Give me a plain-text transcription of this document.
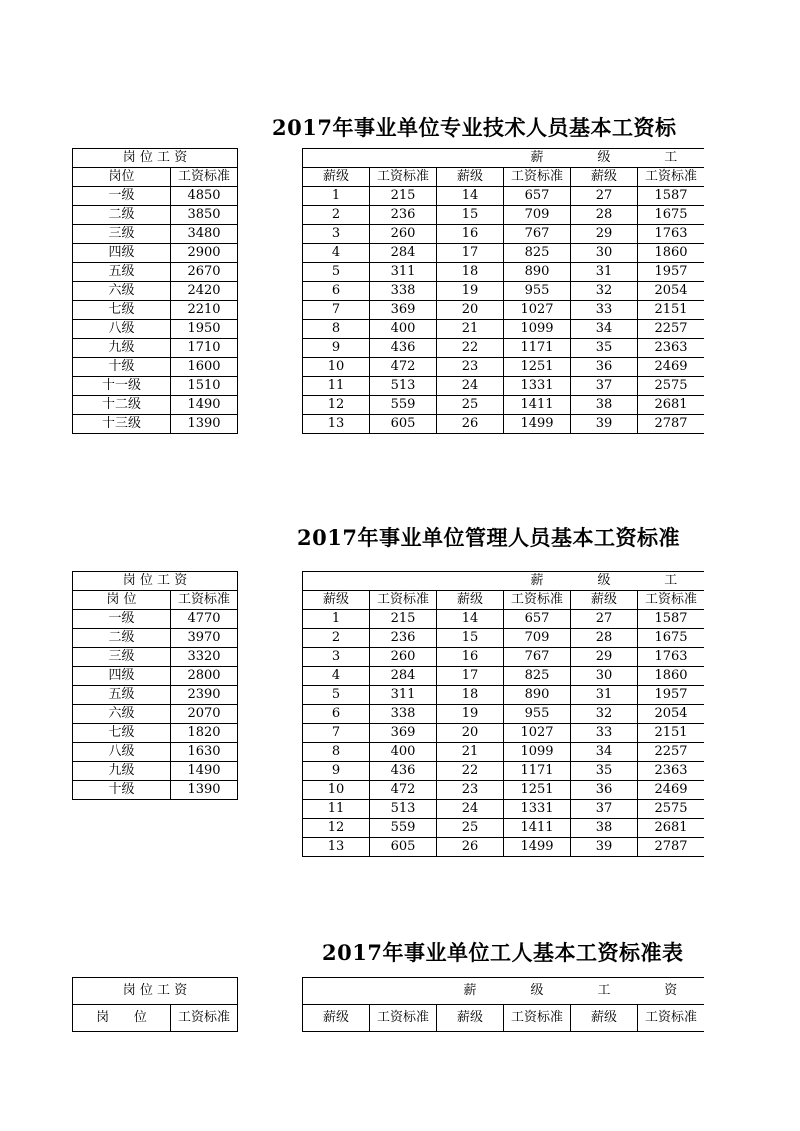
2017年事业单位专业技术人员基本工资标
岗 位 工 资	
岗位	工资标准
一级	4850
二级	3850
三级	3480
四级	2900
五级	2670
六级	2420
七级	2210
八级	1950
九级	1710
十级	1600
十一级	1510
十二级	1490
十三级	1390
			薪	级	工
薪级	工资标准	薪级	工资标准	薪级	工资标准
1	215	14	657	27	1587
2	236	15	709	28	1675
3	260	16	767	29	1763
4	284	17	825	30	1860
5	311	18	890	31	1957
6	338	19	955	32	2054
7	369	20	1027	33	2151
8	400	21	1099	34	2257
9	436	22	1171	35	2363
10	472	23	1251	36	2469
11	513	24	1331	37	2575
12	559	25	1411	38	2681
13	605	26	1499	39	2787
2017年事业单位管理人员基本工资标准
岗 位 工 资	
岗 位	工资标准
一级	4770
二级	3970
三级	3320
四级	2800
五级	2390
六级	2070
七级	1820
八级	1630
九级	1490
十级	1390
			薪	级	工
薪级	工资标准	薪级	工资标准	薪级	工资标准
1	215	14	657	27	1587
2	236	15	709	28	1675
3	260	16	767	29	1763
4	284	17	825	30	1860
5	311	18	890	31	1957
6	338	19	955	32	2054
7	369	20	1027	33	2151
8	400	21	1099	34	2257
9	436	22	1171	35	2363
10	472	23	1251	36	2469
11	513	24	1331	37	2575
12	559	25	1411	38	2681
13	605	26	1499	39	2787
2017年事业单位工人基本工资标准表
岗 位 工 资
岗      位	工资标准
		薪	级	工	资
薪级	工资标准	薪级	工资标准	薪级	工资标准
